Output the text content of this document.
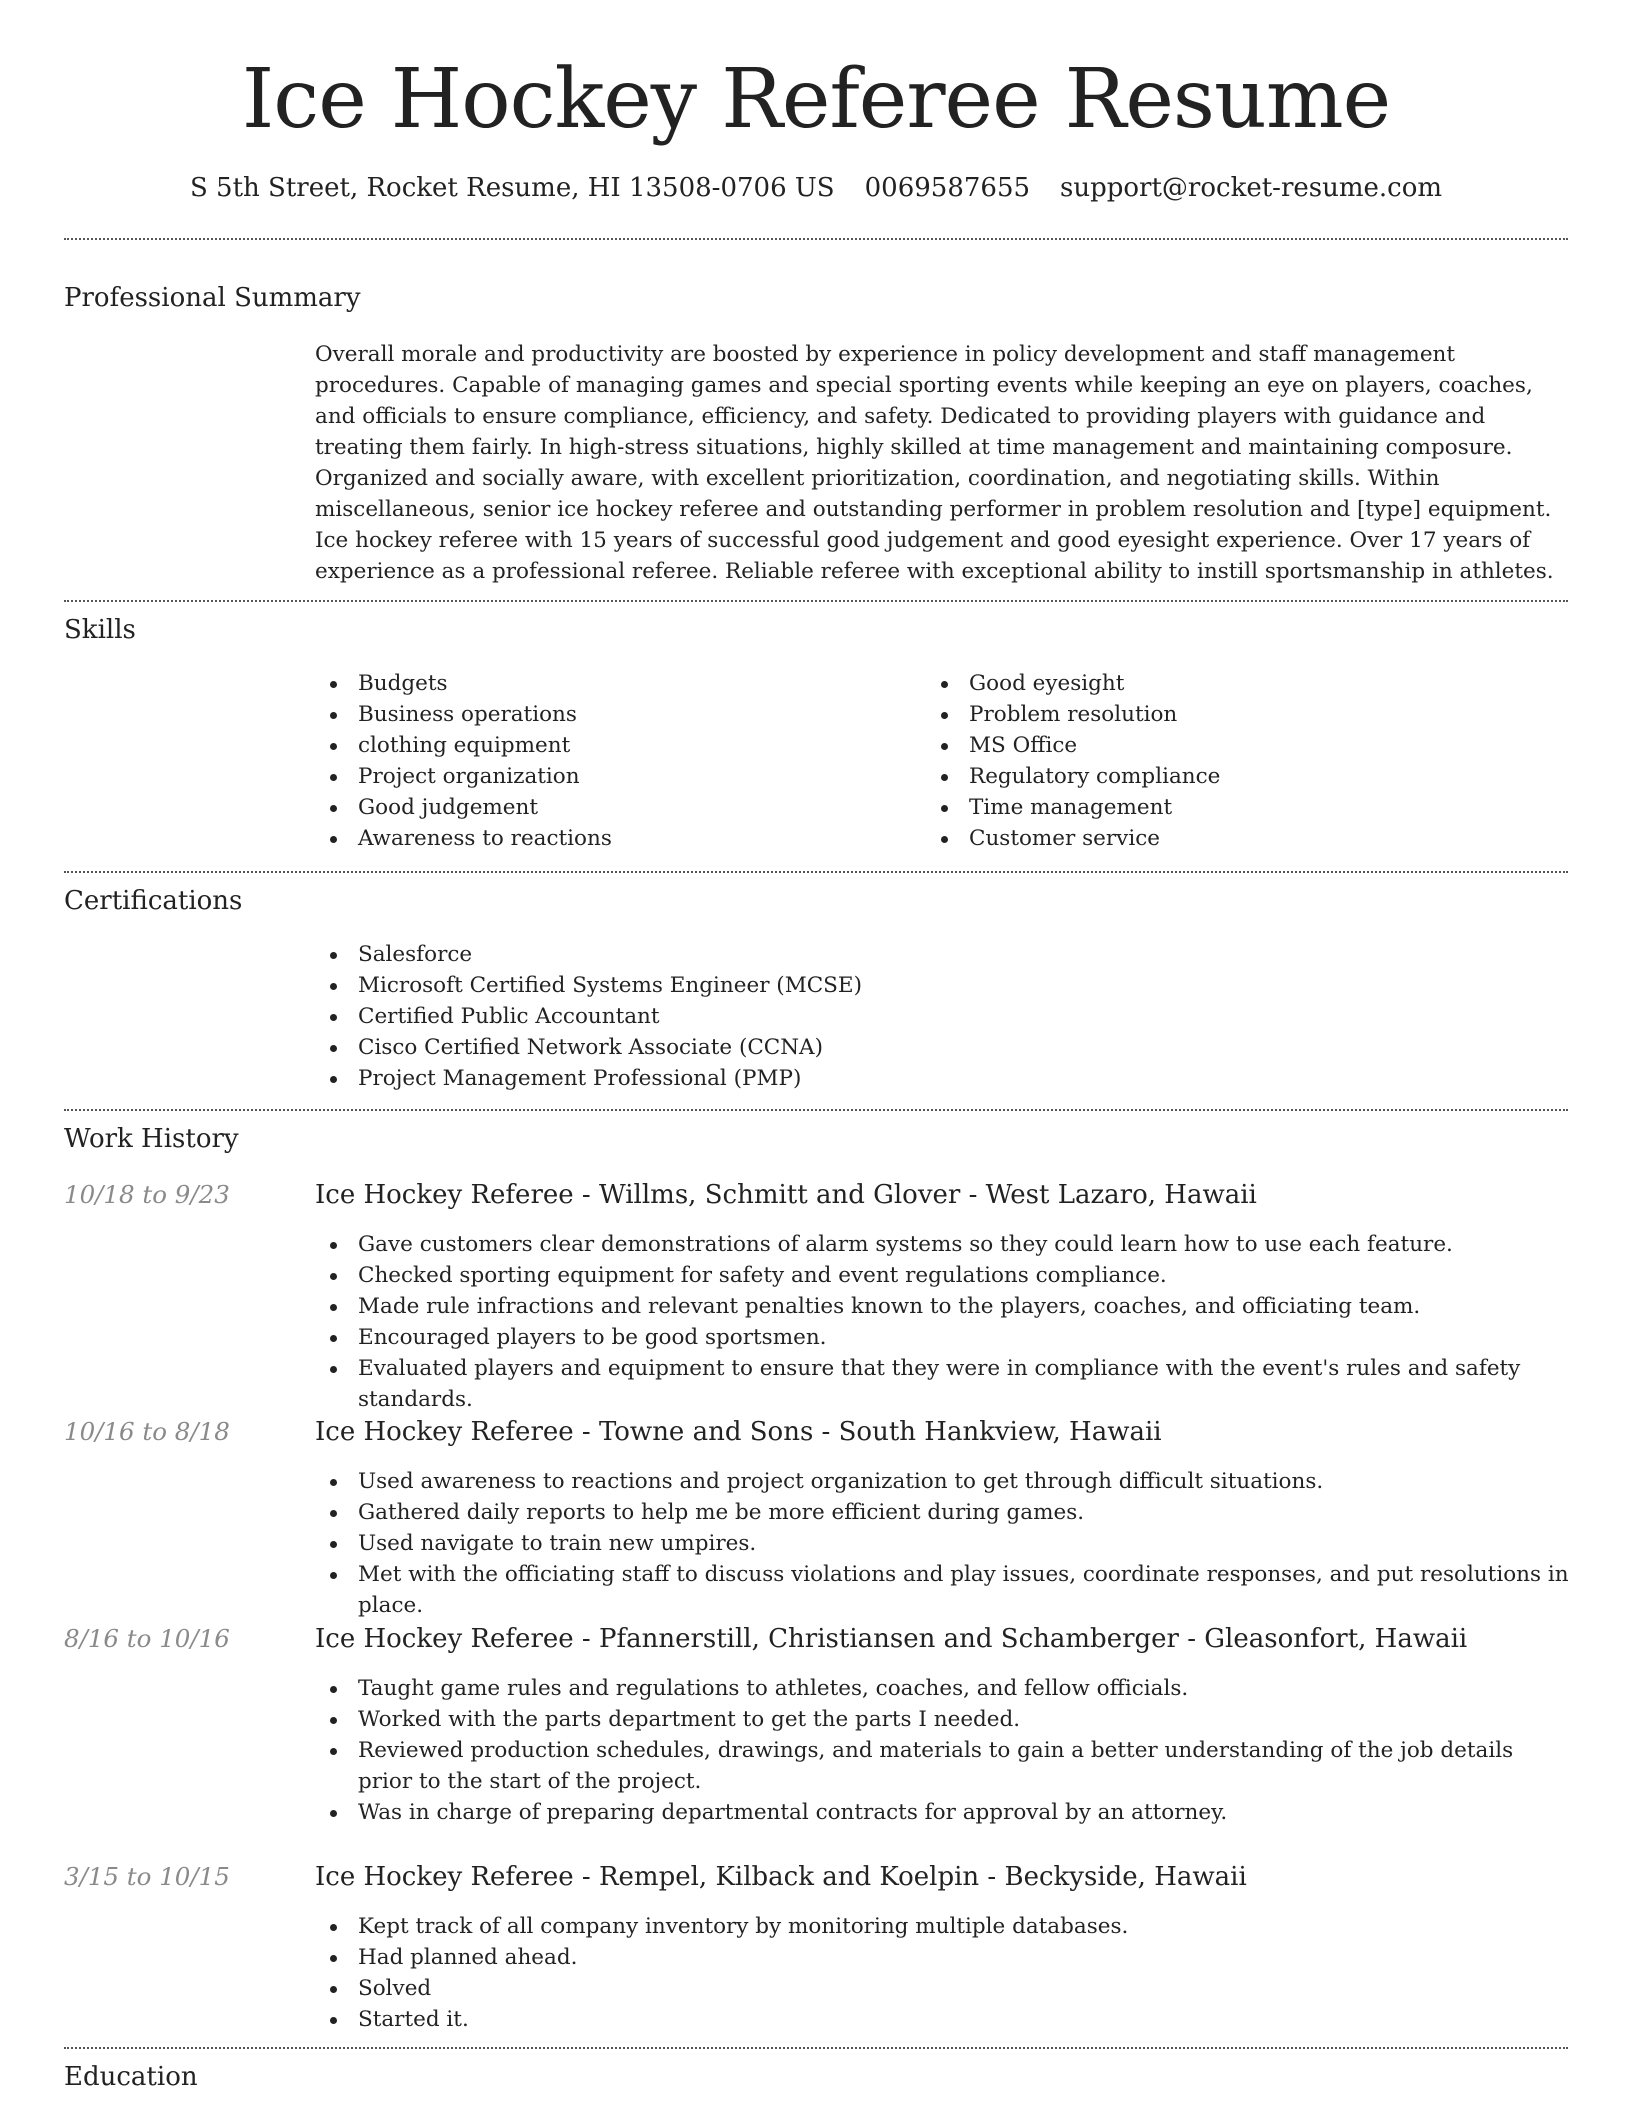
Ice Hockey Referee Resume
S 5th Street, Rocket Resume, HI 13508-0706 US 0069587655 support@rocket-resume.com
Professional Summary

Overall morale and productivity are boosted by experience in policy development and staff management procedures. Capable of managing games and special sporting events while keeping an eye on players, coaches, and officials to ensure compliance, efficiency, and safety. Dedicated to providing players with guidance and treating them fairly. In high-stress situations, highly skilled at time management and maintaining composure. Organized and socially aware, with excellent prioritization, coordination, and negotiating skills. Within miscellaneous, senior ice hockey referee and outstanding performer in problem resolution and [type] equipment. Ice hockey referee with 15 years of successful good judgement and good eyesight experience. Over 17 years of experience as a professional referee. Reliable referee with exceptional ability to instill sportsmanship in athletes.

Skills
Budgets
Business operations
clothing equipment
Project organization
Good judgement
Awareness to reactions
Good eyesight
Problem resolution
MS Office
Regulatory compliance
Time management
Customer service
Certifications
Salesforce
Microsoft Certified Systems Engineer (MCSE)
Certified Public Accountant
Cisco Certified Network Associate (CCNA)
Project Management Professional (PMP)
Work History
10/18 to 9/23	Ice Hockey Referee - Willms, Schmitt and Glover - West Lazaro, Hawaii
Gave customers clear demonstrations of alarm systems so they could learn how to use each feature.
Checked sporting equipment for safety and event regulations compliance.
Made rule infractions and relevant penalties known to the players, coaches, and officiating team.
Encouraged players to be good sportsmen.
Evaluated players and equipment to ensure that they were in compliance with the event's rules and safety standards.
10/16 to 8/18	Ice Hockey Referee - Towne and Sons - South Hankview, Hawaii
Used awareness to reactions and project organization to get through difficult situations.
Gathered daily reports to help me be more efficient during games.
Used navigate to train new umpires.
Met with the officiating staff to discuss violations and play issues, coordinate responses, and put resolutions in place.
8/16 to 10/16	Ice Hockey Referee - Pfannerstill, Christiansen and Schamberger - Gleasonfort, Hawaii
Taught game rules and regulations to athletes, coaches, and fellow officials.
Worked with the parts department to get the parts I needed.
Reviewed production schedules, drawings, and materials to gain a better understanding of the job details prior to the start of the project.
Was in charge of preparing departmental contracts for approval by an attorney.
3/15 to 10/15	Ice Hockey Referee - Rempel, Kilback and Koelpin - Beckyside, Hawaii
Kept track of all company inventory by monitoring multiple databases.
Had planned ahead.
Solved
Started it.
Education
